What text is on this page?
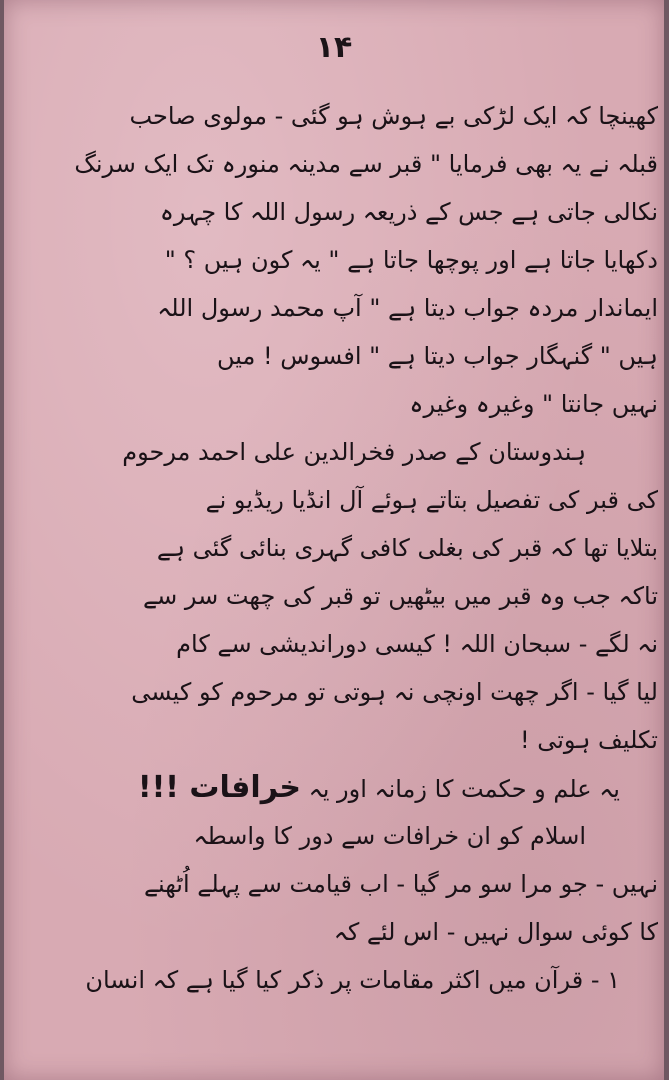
۱۴
کھینچا کہ ایک لڑکی بے ہوش ہو گئی - مولوی صاحب
قبلہ نے یہ بھی فرمایا " قبر سے مدینہ منورہ تک ایک سرنگ
نکالی جاتی ہے جس کے ذریعہ رسول اللہ کا چہرہ
دکھایا جاتا ہے اور پوچھا جاتا ہے " یہ کون ہیں ؟ "
ایماندار مردہ جواب دیتا ہے " آپ محمد رسول اللہ
ہیں " گنہگار جواب دیتا ہے " افسوس ! میں
نہیں جانتا " وغیرہ وغیرہ
ہندوستان کے صدر فخرالدین علی احمد مرحوم
کی قبر کی تفصیل بتاتے ہوئے آل انڈیا ریڈیو نے
بتلایا تھا کہ قبر کی بغلی کافی گہری بنائی گئی ہے
تاکہ جب وہ قبر میں بیٹھیں تو قبر کی چھت سر سے
نہ لگے - سبحان اللہ ! کیسی دوراندیشی سے کام
لیا گیا - اگر چھت اونچی نہ ہوتی تو مرحوم کو کیسی
تکلیف ہوتی !
یہ علم و حکمت کا زمانہ اور یہ خرافات !!!
اسلام کو ان خرافات سے دور کا واسطہ
نہیں - جو مرا سو مر گیا - اب قیامت سے پہلے اُٹھنے
کا کوئی سوال نہیں - اس لئے کہ
۱ - قرآن میں اکثر مقامات پر ذکر کیا گیا ہے کہ انسان
